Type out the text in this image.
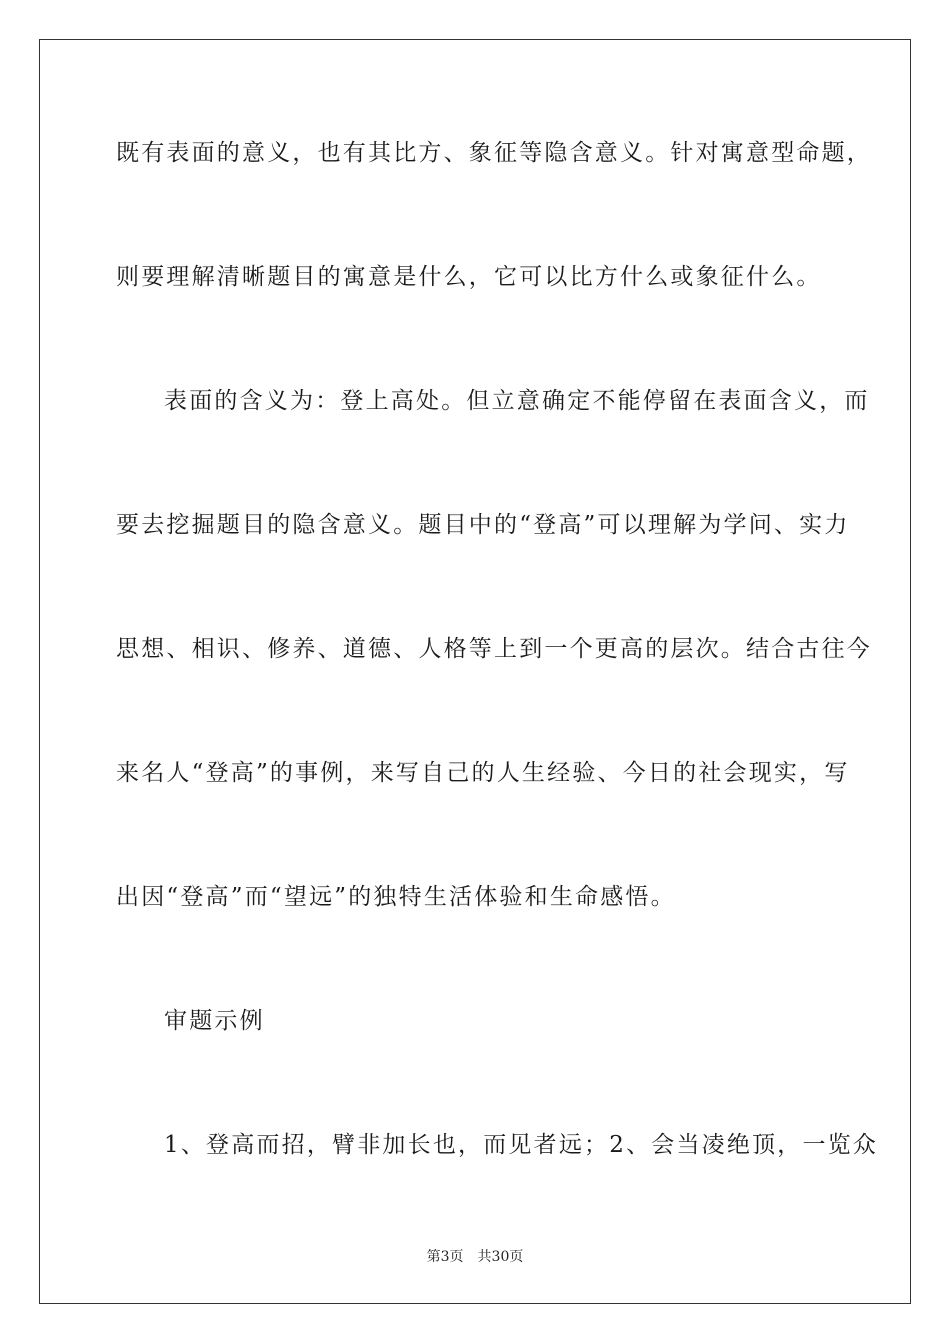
既有表面的意义，也有其比方、象征等隐含意义。针对寓意型命题，
则要理解清晰题目的寓意是什么，它可以比方什么或象征什么。
表面的含义为：登上高处。但立意确定不能停留在表面含义，而
要去挖掘题目的隐含意义。题目中的“登高”可以理解为学问、实力
思想、相识、修养、道德、人格等上到一个更高的层次。结合古往今
来名人“登高”的事例，来写自己的人生经验、今日的社会现实，写
出因“登高”而“望远”的独特生活体验和生命感悟。
审题示例
1、登高而招，臂非加长也，而见者远；2、会当凌绝顶，一览众
第3页 共30页
